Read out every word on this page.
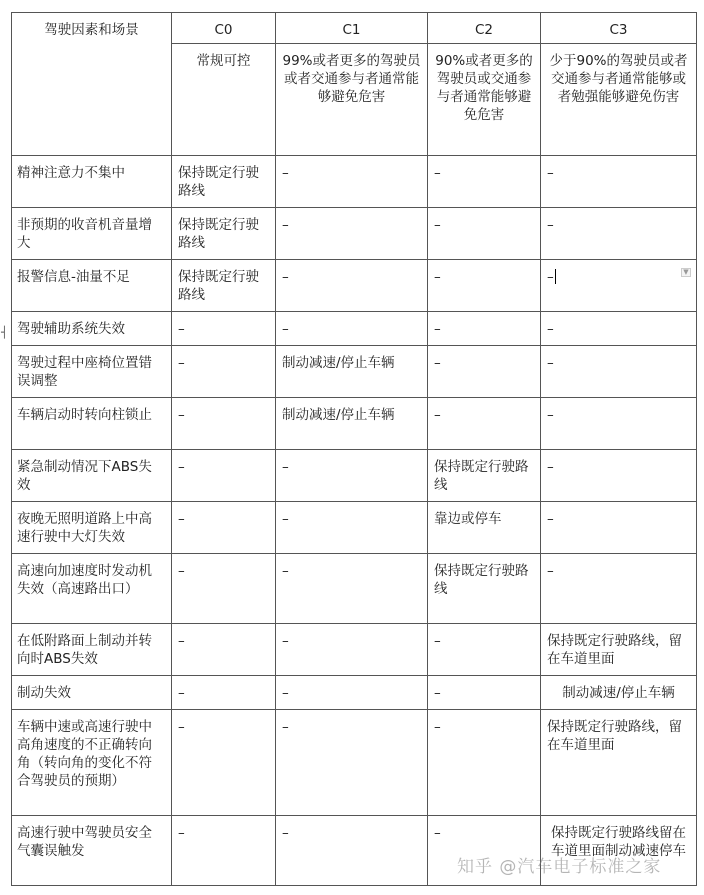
驾驶因素和场景	C0	C1	C2	C3
	常规可控	99%或者更多的驾驶员或者交通参与者通常能够避免危害	90%或者更多的驾驶员或交通参与者通常能够避免危害	少于90%的驾驶员或者交通参与者通常能够或者勉强能够避免伤害
精神注意力不集中	保持既定行驶路线	–	–	–
非预期的收音机音量增大	保持既定行驶路线	–	–	–
报警信息-油量不足	保持既定行驶路线	–	–	–
驾驶辅助系统失效	–	–	–	–
驾驶过程中座椅位置错误调整	–	制动减速/停止车辆	–	–
车辆启动时转向柱锁止	–	制动减速/停止车辆	–	–
紧急制动情况下ABS失效	–	–	保持既定行驶路线	–
夜晚无照明道路上中高速行驶中大灯失效	–	–	靠边或停车	–
高速向加速度时发动机失效（高速路出口）	–	–	保持既定行驶路线	–
在低附路面上制动并转向时ABS失效	–	–	–	保持既定行驶路线，留在车道里面
制动失效	–	–	–	制动减速/停止车辆
车辆中速或高速行驶中高角速度的不正确转向角（转向角的变化不符合驾驶员的预期）	–	–	–	保持既定行驶路线，留在车道里面
高速行驶中驾驶员安全气囊误触发	–	–	–	保持既定行驶路线留在车道里面制动减速停车
▼
┤
知乎 @汽车电子标准之家
